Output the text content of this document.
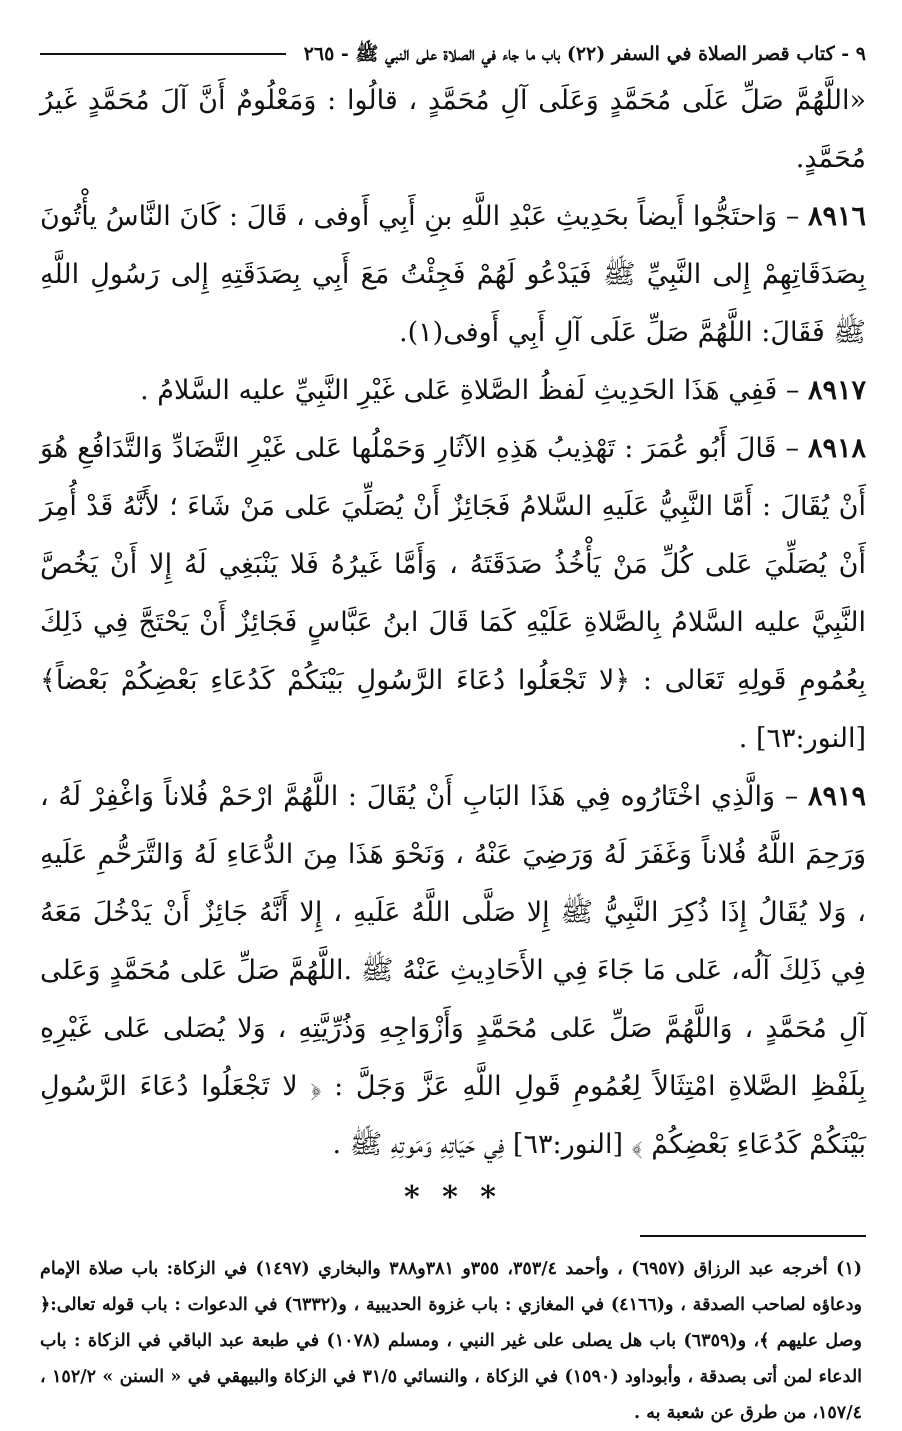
٩ - كتاب قصر الصلاة في السفر (٢٢) باب ما جاء في الصلاة على النبي ﷺ - ٢٦٥

«اللَّهُمَّ صَلِّ عَلَى مُحَمَّدٍ وَعَلَى آلِ مُحَمَّدٍ ، قالُوا : وَمَعْلُومٌ أَنَّ آلَ مُحَمَّدٍ غَيرُ مُحَمَّدٍ.

٨٩١٦ – وَاحتَجُّوا أَيضاً بحَدِيثِ عَبْدِ اللَّهِ بنِ أَبِي أَوفى ، قَالَ : كَانَ النَّاسُ يأْتُونَ بِصَدَقَاتِهِمْ إِلى النَّبِيِّ ﷺ فَيَدْعُو لَهُمْ فَجِئْتُ مَعَ أَبِي بِصَدَقَتِهِ إِلى رَسُولِ اللَّهِ ﷺ فَقَالَ: اللَّهُمَّ صَلِّ عَلَى آلِ أَبِي أَوفى(١).

٨٩١٧ – فَفِي هَذَا الحَدِيثِ لَفظُ الصَّلاةِ عَلى غَيْرِ النَّبِيِّ عليه السَّلامُ .

٨٩١٨ – قَالَ أَبُو عُمَرَ : تَهْذِيبُ هَذِهِ الآثَارِ وَحَمْلُها عَلى غَيْرِ التَّضَادِّ وَالتَّدَافُعِ هُوَ أَنْ يُقَالَ : أَمَّا النَّبِيُّ عَلَيهِ السَّلامُ فَجَائِزٌ أَنْ يُصَلِّيَ عَلى مَنْ شَاءَ ؛ لأَنَّهُ قَدْ أُمِرَ أَنْ يُصَلِّيَ عَلى كُلِّ مَنْ يَأْخُذُ صَدَقَتَهُ ، وَأَمَّا غَيرُهُ فَلا يَنْبَغِي لَهُ إِلا أَنْ يَخُصَّ النَّبِيَّ عليه السَّلامُ بِالصَّلاةِ عَلَيْهِ كَمَا قَالَ ابنُ عَبَّاسٍ فَجَائِزٌ أَنْ يَحْتَجَّ فِي ذَلِكَ بِعُمُومِ قَولِهِ تَعَالى : ﴿لا تَجْعَلُوا دُعَاءَ الرَّسُولِ بَيْنَكُمْ كَدُعَاءِ بَعْضِكُمْ بَعْضاً﴾ [النور:٦٣] .

٨٩١٩ – وَالَّذِي اخْتَارُوه فِي هَذَا البَابِ أَنْ يُقَالَ : اللَّهُمَّ ارْحَمْ فُلاناً وَاغْفِرْ لَهُ ، وَرَحِمَ اللَّهُ فُلاناً وَغَفَرَ لَهُ وَرَضِيَ عَنْهُ ، وَنَحْوَ هَذَا مِنَ الدُّعَاءِ لَهُ وَالتَّرَحُّمِ عَلَيهِ ، وَلا يُقَالُ إِذَا ذُكِرَ النَّبِيُّ ﷺ إِلا صَلَّى اللَّهُ عَلَيهِ ، إِلا أَنَّهُ جَائِزٌ أَنْ يَدْخُلَ مَعَهُ فِي ذَلِكَ آلُه، عَلى مَا جَاءَ فِي الأَحَادِيثِ عَنْهُ ﷺ .اللَّهُمَّ صَلِّ عَلى مُحَمَّدٍ وَعَلى آلِ مُحَمَّدٍ ، وَاللَّهُمَّ صَلِّ عَلى مُحَمَّدٍ وَأَزْوَاجِهِ وَذُرِّيَّتِهِ ، وَلا يُصَلى عَلى غَيْرِهِ بِلَفْظِ الصَّلاةِ امْتِثَالاً لِعُمُومِ قَولِ اللَّهِ عَزَّ وَجَلَّ : ﴿ لا تَجْعَلُوا دُعَاءَ الرَّسُولِ بَيْنَكُمْ كَدُعَاءِ بَعْضِكُمْ ﴾ [النور:٦٣] فِي حَيَاتِهِ وَمَوتِهِ ﷺ .

* * *
(١) أخرجه عبد الرزاق (٦٩٥٧) ، وأحمد ٣٥٣/٤، ٣٥٥و ٣٨١و٣٨٨ والبخاري (١٤٩٧) في الزكاة: باب صلاة الإمام ودعاؤه لصاحب الصدقة ، و(٤١٦٦) في المغازي : باب غزوة الحديبية ، و(٦٣٣٢) في الدعوات : باب قوله تعالى:﴿ وصل عليهم ﴾، و(٦٣٥٩) باب هل يصلى على غير النبي ، ومسلم (١٠٧٨) في طبعة عبد الباقي في الزكاة : باب الدعاء لمن أتى بصدقة ، وأبوداود (١٥٩٠) في الزكاة ، والنسائي ٣١/٥ في الزكاة والبيهقي في « السنن » ١٥٢/٢ ، ١٥٧/٤، من طرق عن شعبة به .
